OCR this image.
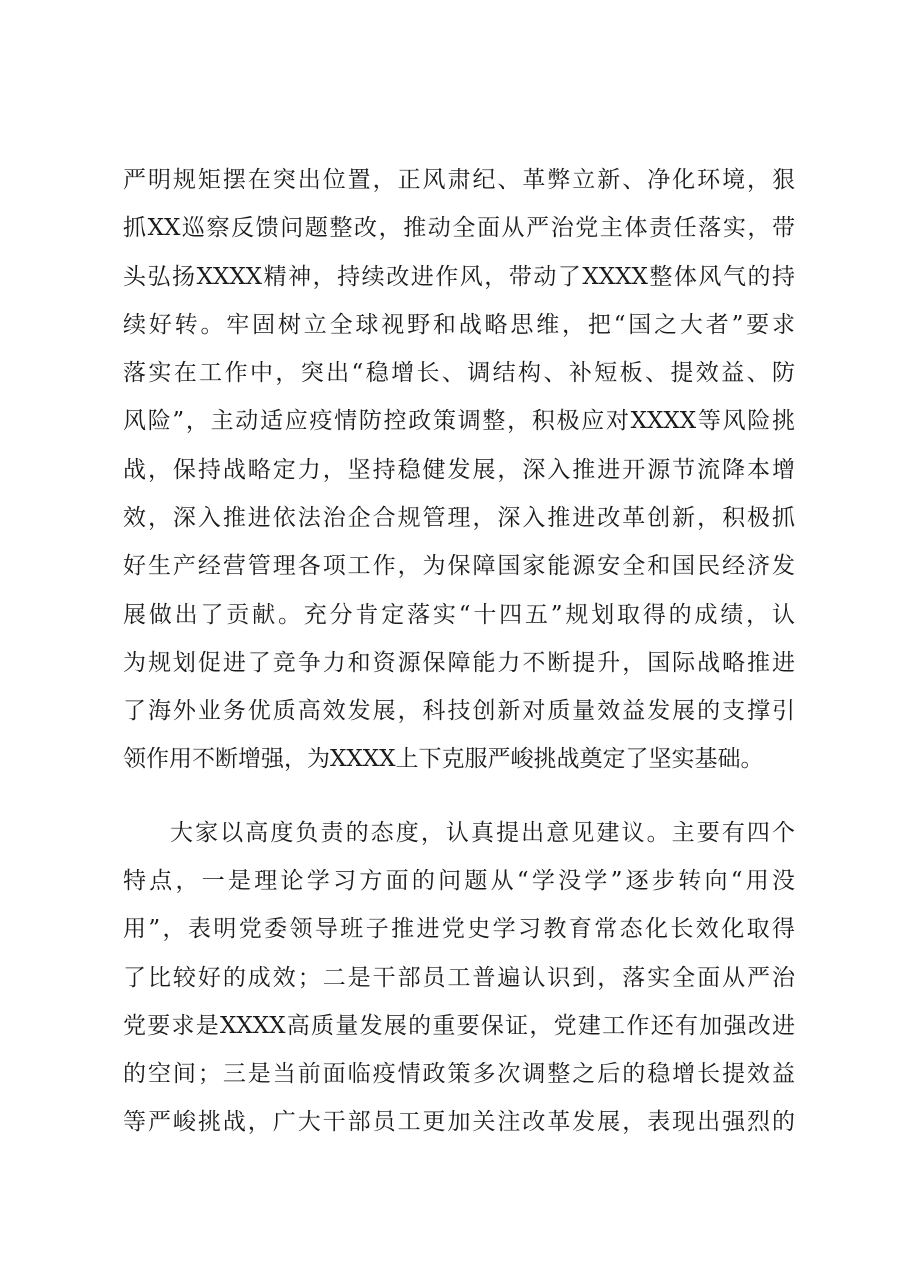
严明规矩摆在突出位置，正风肃纪、革弊立新、净化环境，狠
抓XX巡察反馈问题整改，推动全面从严治党主体责任落实，带
头弘扬XXXX精神，持续改进作风，带动了XXXX整体风气的持
续好转。牢固树立全球视野和战略思维，把“国之大者”要求
落实在工作中，突出“稳增长、调结构、补短板、提效益、防
风险”，主动适应疫情防控政策调整，积极应对XXXX等风险挑
战，保持战略定力，坚持稳健发展，深入推进开源节流降本增
效，深入推进依法治企合规管理，深入推进改革创新，积极抓
好生产经营管理各项工作，为保障国家能源安全和国民经济发
展做出了贡献。充分肯定落实“十四五”规划取得的成绩，认
为规划促进了竞争力和资源保障能力不断提升，国际战略推进
了海外业务优质高效发展，科技创新对质量效益发展的支撑引
领作用不断增强，为XXXX上下克服严峻挑战奠定了坚实基础。
大家以高度负责的态度，认真提出意见建议。主要有四个
特点，一是理论学习方面的问题从“学没学”逐步转向“用没
用”，表明党委领导班子推进党史学习教育常态化长效化取得
了比较好的成效；二是干部员工普遍认识到，落实全面从严治
党要求是XXXX高质量发展的重要保证，党建工作还有加强改进
的空间；三是当前面临疫情政策多次调整之后的稳增长提效益
等严峻挑战，广大干部员工更加关注改革发展，表现出强烈的
